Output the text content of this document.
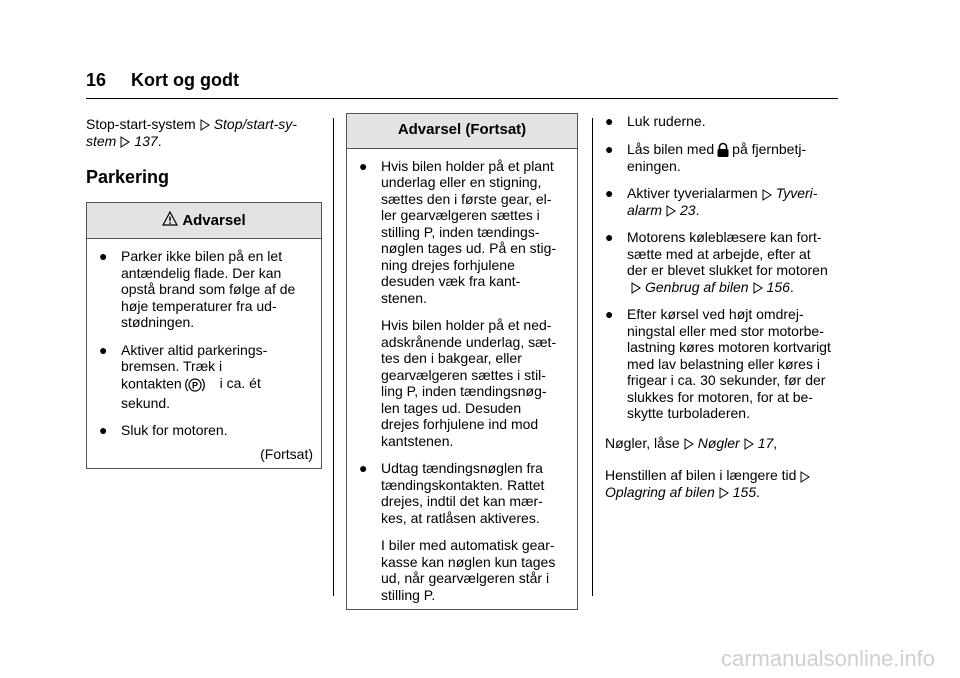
16 Kort og godt

Stop-start-system Stop/start-sy-
stem 137.

Parkering
Advarsel
● Parker ikke bilen på en let
antændelig flade. Der kan
opstå brand som følge af de
høje temperaturer fra ud-
stødningen.
● Aktiver altid parkerings-
bremsen. Træk i
kontakten P i ca. ét
sekund.
● Sluk for motoren.

(Fortsat)

Advarsel (Fortsat)
● Hvis bilen holder på et plant
underlag eller en stigning,
sættes den i første gear, el-
ler gearvælgeren sættes i
stilling P, inden tændings-
nøglen tages ud. På en stig-
ning drejes forhjulene
desuden væk fra kant-
stenen.

Hvis bilen holder på et ned-
adskrånende underlag, sæt-
tes den i bakgear, eller
gearvælgeren sættes i stil-
ling P, inden tændingsnøg-
len tages ud. Desuden
drejes forhjulene ind mod
kantstenen.

● Udtag tændingsnøglen fra
tændingskontakten. Rattet
drejes, indtil det kan mær-
kes, at ratlåsen aktiveres.

I biler med automatisk gear-
kasse kan nøglen kun tages
ud, når gearvælgeren står i
stilling P.

● Luk ruderne.
● Lås bilen med på fjernbetj-
eningen.
● Aktiver tyverialarmen Tyveri-
alarm 23.
● Motorens køleblæsere kan fort-
sætte med at arbejde, efter at
der er blevet slukket for motoren
Genbrug af bilen 156.
● Efter kørsel ved højt omdrej-
ningstal eller med stor motorbe-
lastning køres motoren kortvarigt
med lav belastning eller køres i
frigear i ca. 30 sekunder, før der
slukkes for motoren, for at be-
skytte turboladeren.

Nøgler, låse Nøgler 17,

Henstillen af bilen i længere tid
Oplagring af bilen 155.

carmanualsonline.info
